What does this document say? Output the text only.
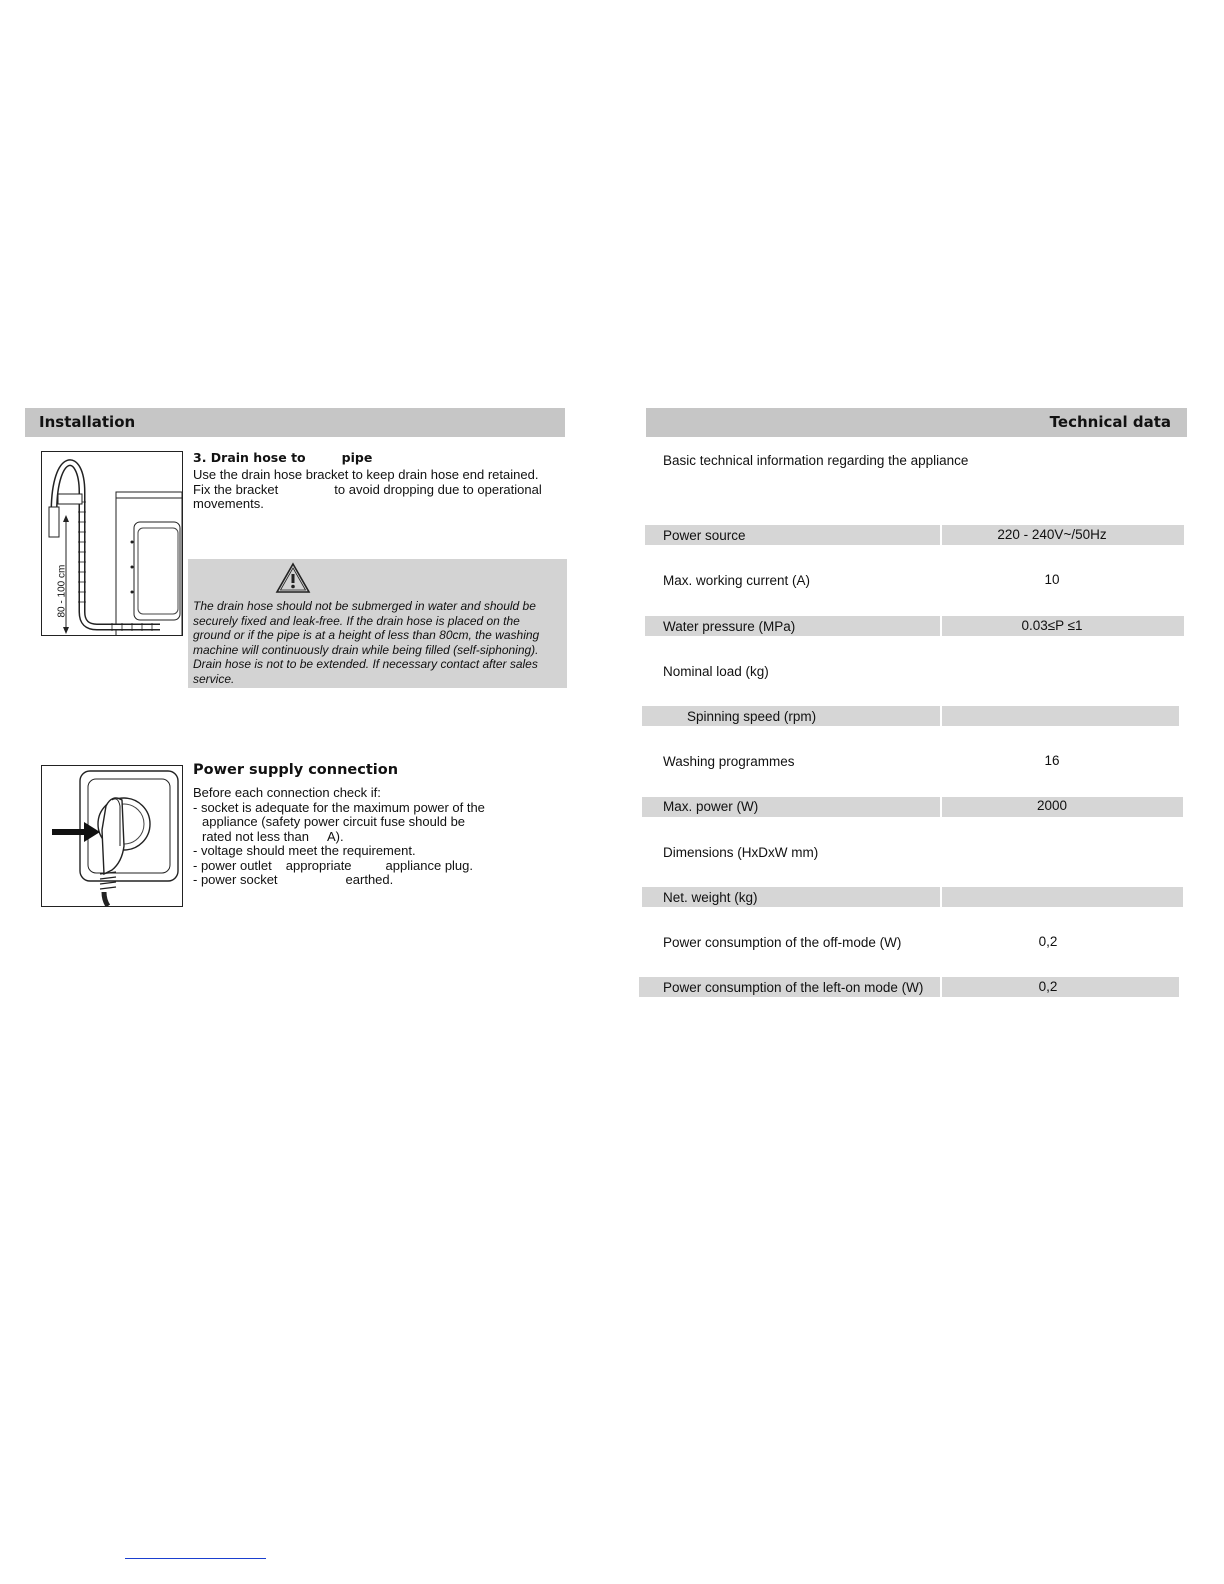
Installation
80 - 100 cm
3. Drain hose to	pipe
Use the drain hose bracket to keep drain hose end retained.
Fix the bracket	to avoid dropping due to operational
movements.

The drain hose should not be submerged in water and should be

securely fixed and leak-free. If the drain hose is placed on the

ground or if the pipe is at a height of less than 80cm, the washing

machine will continuously drain while being filled (self-siphoning).

Drain hose is not to be extended. If necessary contact after sales

service.

Power supply connection
Before each connection check if:
- socket is adequate for the maximum power of the
appliance (safety power circuit fuse should be
rated not less than A).
- voltage should meet the requirement.
- power outlet appropriate	appliance plug.
- power socket	earthed.
Technical data
Basic technical information regarding the appliance
Power source	220 - 240V~/50Hz
Max. working current (A)	10
Water pressure (MPa)	0.03≤P ≤1
Nominal load (kg)
Spinning speed (rpm)
Washing programmes	16
Max. power (W)	2000
Dimensions (HxDxW mm)
Net. weight (kg)
Power consumption of the off-mode (W)	0,2
Power consumption of the left-on mode (W)	0,2
